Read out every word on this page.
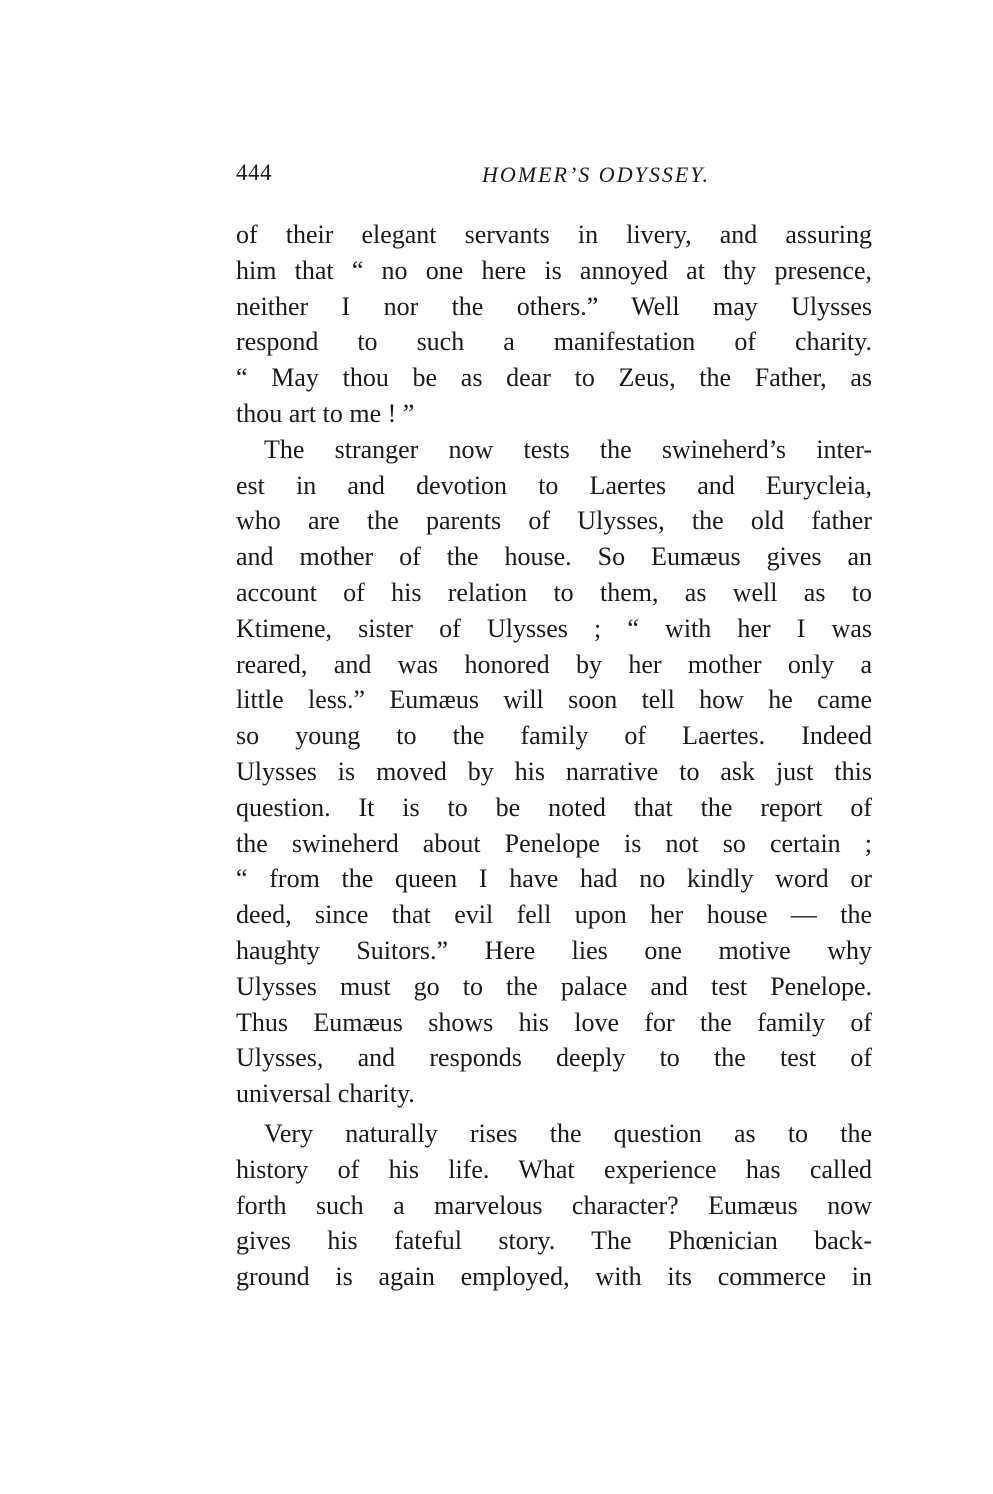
444	HOMER’S ODYSSEY.
of their elegant servants in livery, and assuring
him that “ no one here is annoyed at thy presence,
neither I nor the others.” Well may Ulysses
respond to such a manifestation of charity.
“ May thou be as dear to Zeus, the Father, as
thou art to me ! ”
The stranger now tests the swineherd’s inter-
est in and devotion to Laertes and Eurycleia,
who are the parents of Ulysses, the old father
and mother of the house. So Eumæus gives an
account of his relation to them, as well as to
Ktimene, sister of Ulysses ; “ with her I was
reared, and was honored by her mother only a
little less.” Eumæus will soon tell how he came
so young to the family of Laertes. Indeed
Ulysses is moved by his narrative to ask just this
question. It is to be noted that the report of
the swineherd about Penelope is not so certain ;
“ from the queen I have had no kindly word or
deed, since that evil fell upon her house — the
haughty Suitors.” Here lies one motive why
Ulysses must go to the palace and test Penelope.
Thus Eumæus shows his love for the family of
Ulysses, and responds deeply to the test of
universal charity.
Very naturally rises the question as to the
history of his life. What experience has called
forth such a marvelous character? Eumæus now
gives his fateful story. The Phœnician back-
ground is again employed, with its commerce in
